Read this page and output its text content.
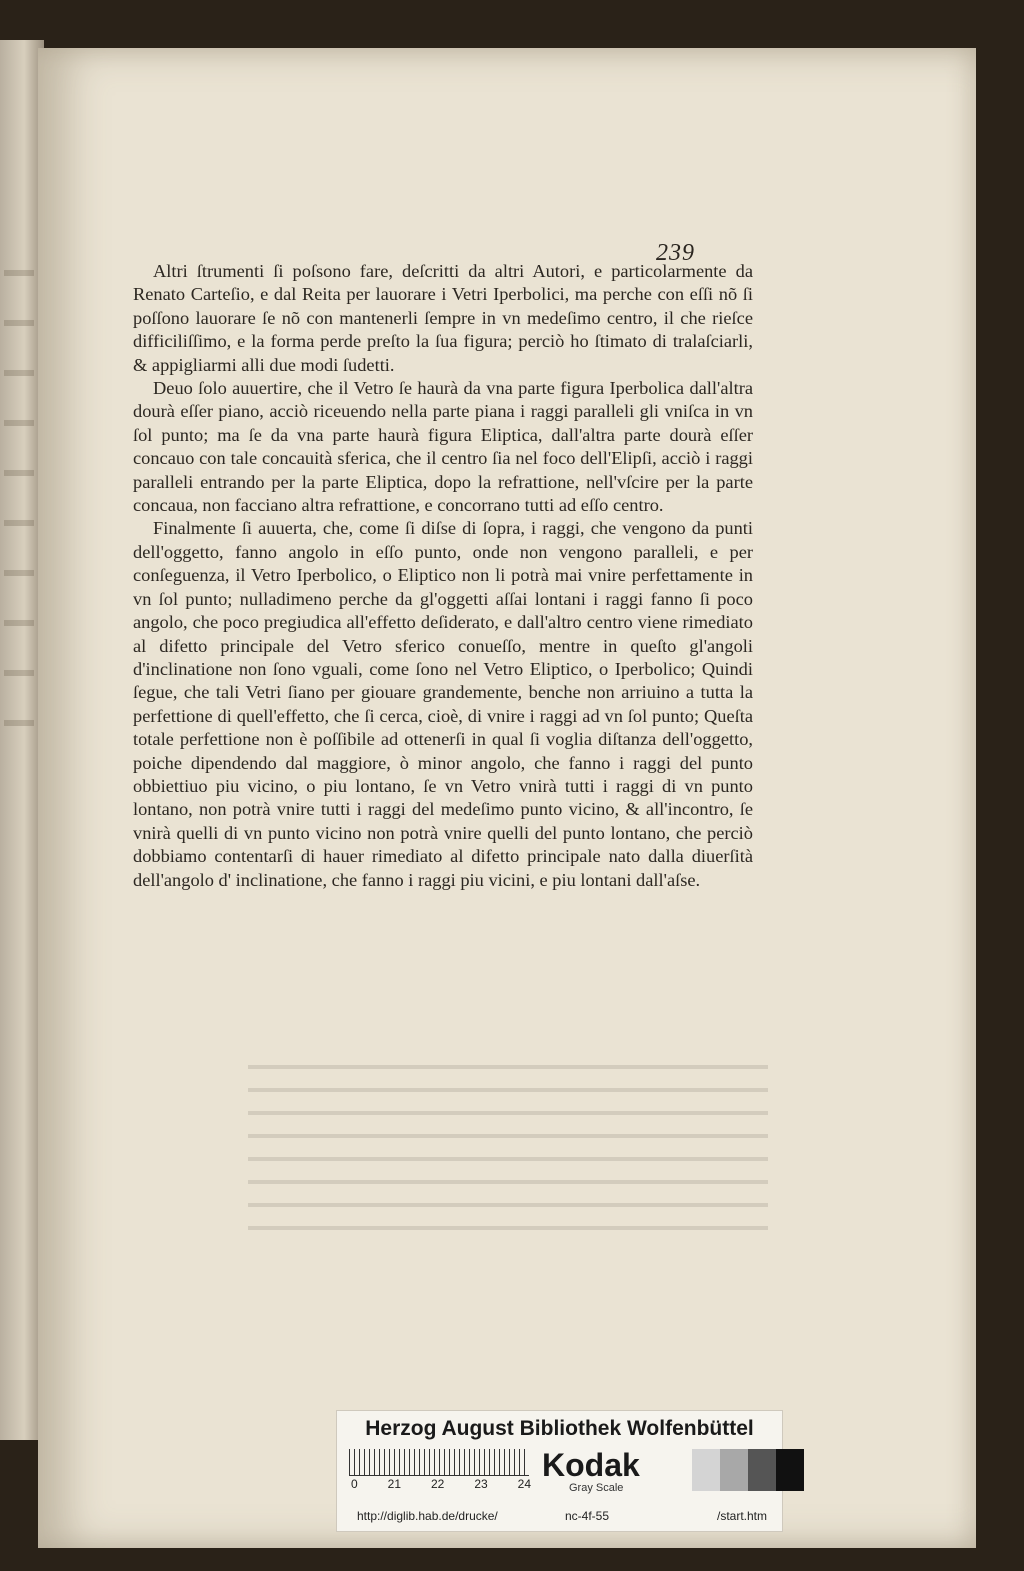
239

Altri ſtrumenti ſi poſsono fare, deſcritti da altri Autori, e particolarmente da Renato Carteſio, e dal Reita per lauorare i Vetri Iperbolici, ma perche con eſſi nõ ſi poſſono lauorare ſe nõ con mantenerli ſempre in vn medeſimo centro, il che rieſce difficiliſſimo, e la forma perde preſto la ſua figura; perciò ho ſtimato di tralaſciarli, & appigliarmi alli due modi ſudetti.

Deuo ſolo auuertire, che il Vetro ſe haurà da vna parte figura Iperbolica dall'altra dourà eſſer piano, acciò riceuendo nella parte piana i raggi paralleli gli vniſca in vn ſol punto; ma ſe da vna parte haurà figura Eliptica, dall'altra parte dourà eſſer concauo con tale concauità sferica, che il centro ſia nel foco dell'Elipſi, acciò i raggi paralleli entrando per la parte Eliptica, dopo la refrattione, nell'vſcire per la parte concaua, non facciano altra refrattione, e concorrano tutti ad eſſo centro.

Finalmente ſi auuerta, che, come ſi diſse di ſopra, i raggi, che vengono da punti dell'oggetto, fanno angolo in eſſo punto, onde non vengono paralleli, e per conſeguenza, il Vetro Iperbolico, o Eliptico non li potrà mai vnire perfettamente in vn ſol punto; nulladimeno perche da gl'oggetti aſſai lontani i raggi fanno ſi poco angolo, che poco pregiudica all'effetto deſiderato, e dall'altro centro viene rimediato al difetto principale del Vetro sferico conueſſo, mentre in queſto gl'angoli d'inclinatione non ſono vguali, come ſono nel Vetro Eliptico, o Iperbolico; Quindi ſegue, che tali Vetri ſiano per giouare grandemente, benche non arriuino a tutta la perfettione di quell'effetto, che ſi cerca, cioè, di vnire i raggi ad vn ſol punto; Queſta totale perfettione non è poſſibile ad ottenerſi in qual ſi voglia diſtanza dell'oggetto, poiche dipendendo dal maggiore, ò minor angolo, che fanno i raggi del punto obbiettiuo piu vicino, o piu lontano, ſe vn Vetro vnirà tutti i raggi di vn punto lontano, non potrà vnire tutti i raggi del medeſimo punto vicino, & all'incontro, ſe vnirà quelli di vn punto vicino non potrà vnire quelli del punto lontano, che perciò dobbiamo contentarſi di hauer rimediato al difetto principale nato dalla diuerſità dell'angolo d' inclinatione, che fanno i raggi piu vicini, e piu lontani dall'aſse.

Herzog August Bibliothek Wolfenbüttel
0 21 22 23 24
Kodak
Gray Scale
http://diglib.hab.de/drucke/	nc-4f-55	/start.htm
